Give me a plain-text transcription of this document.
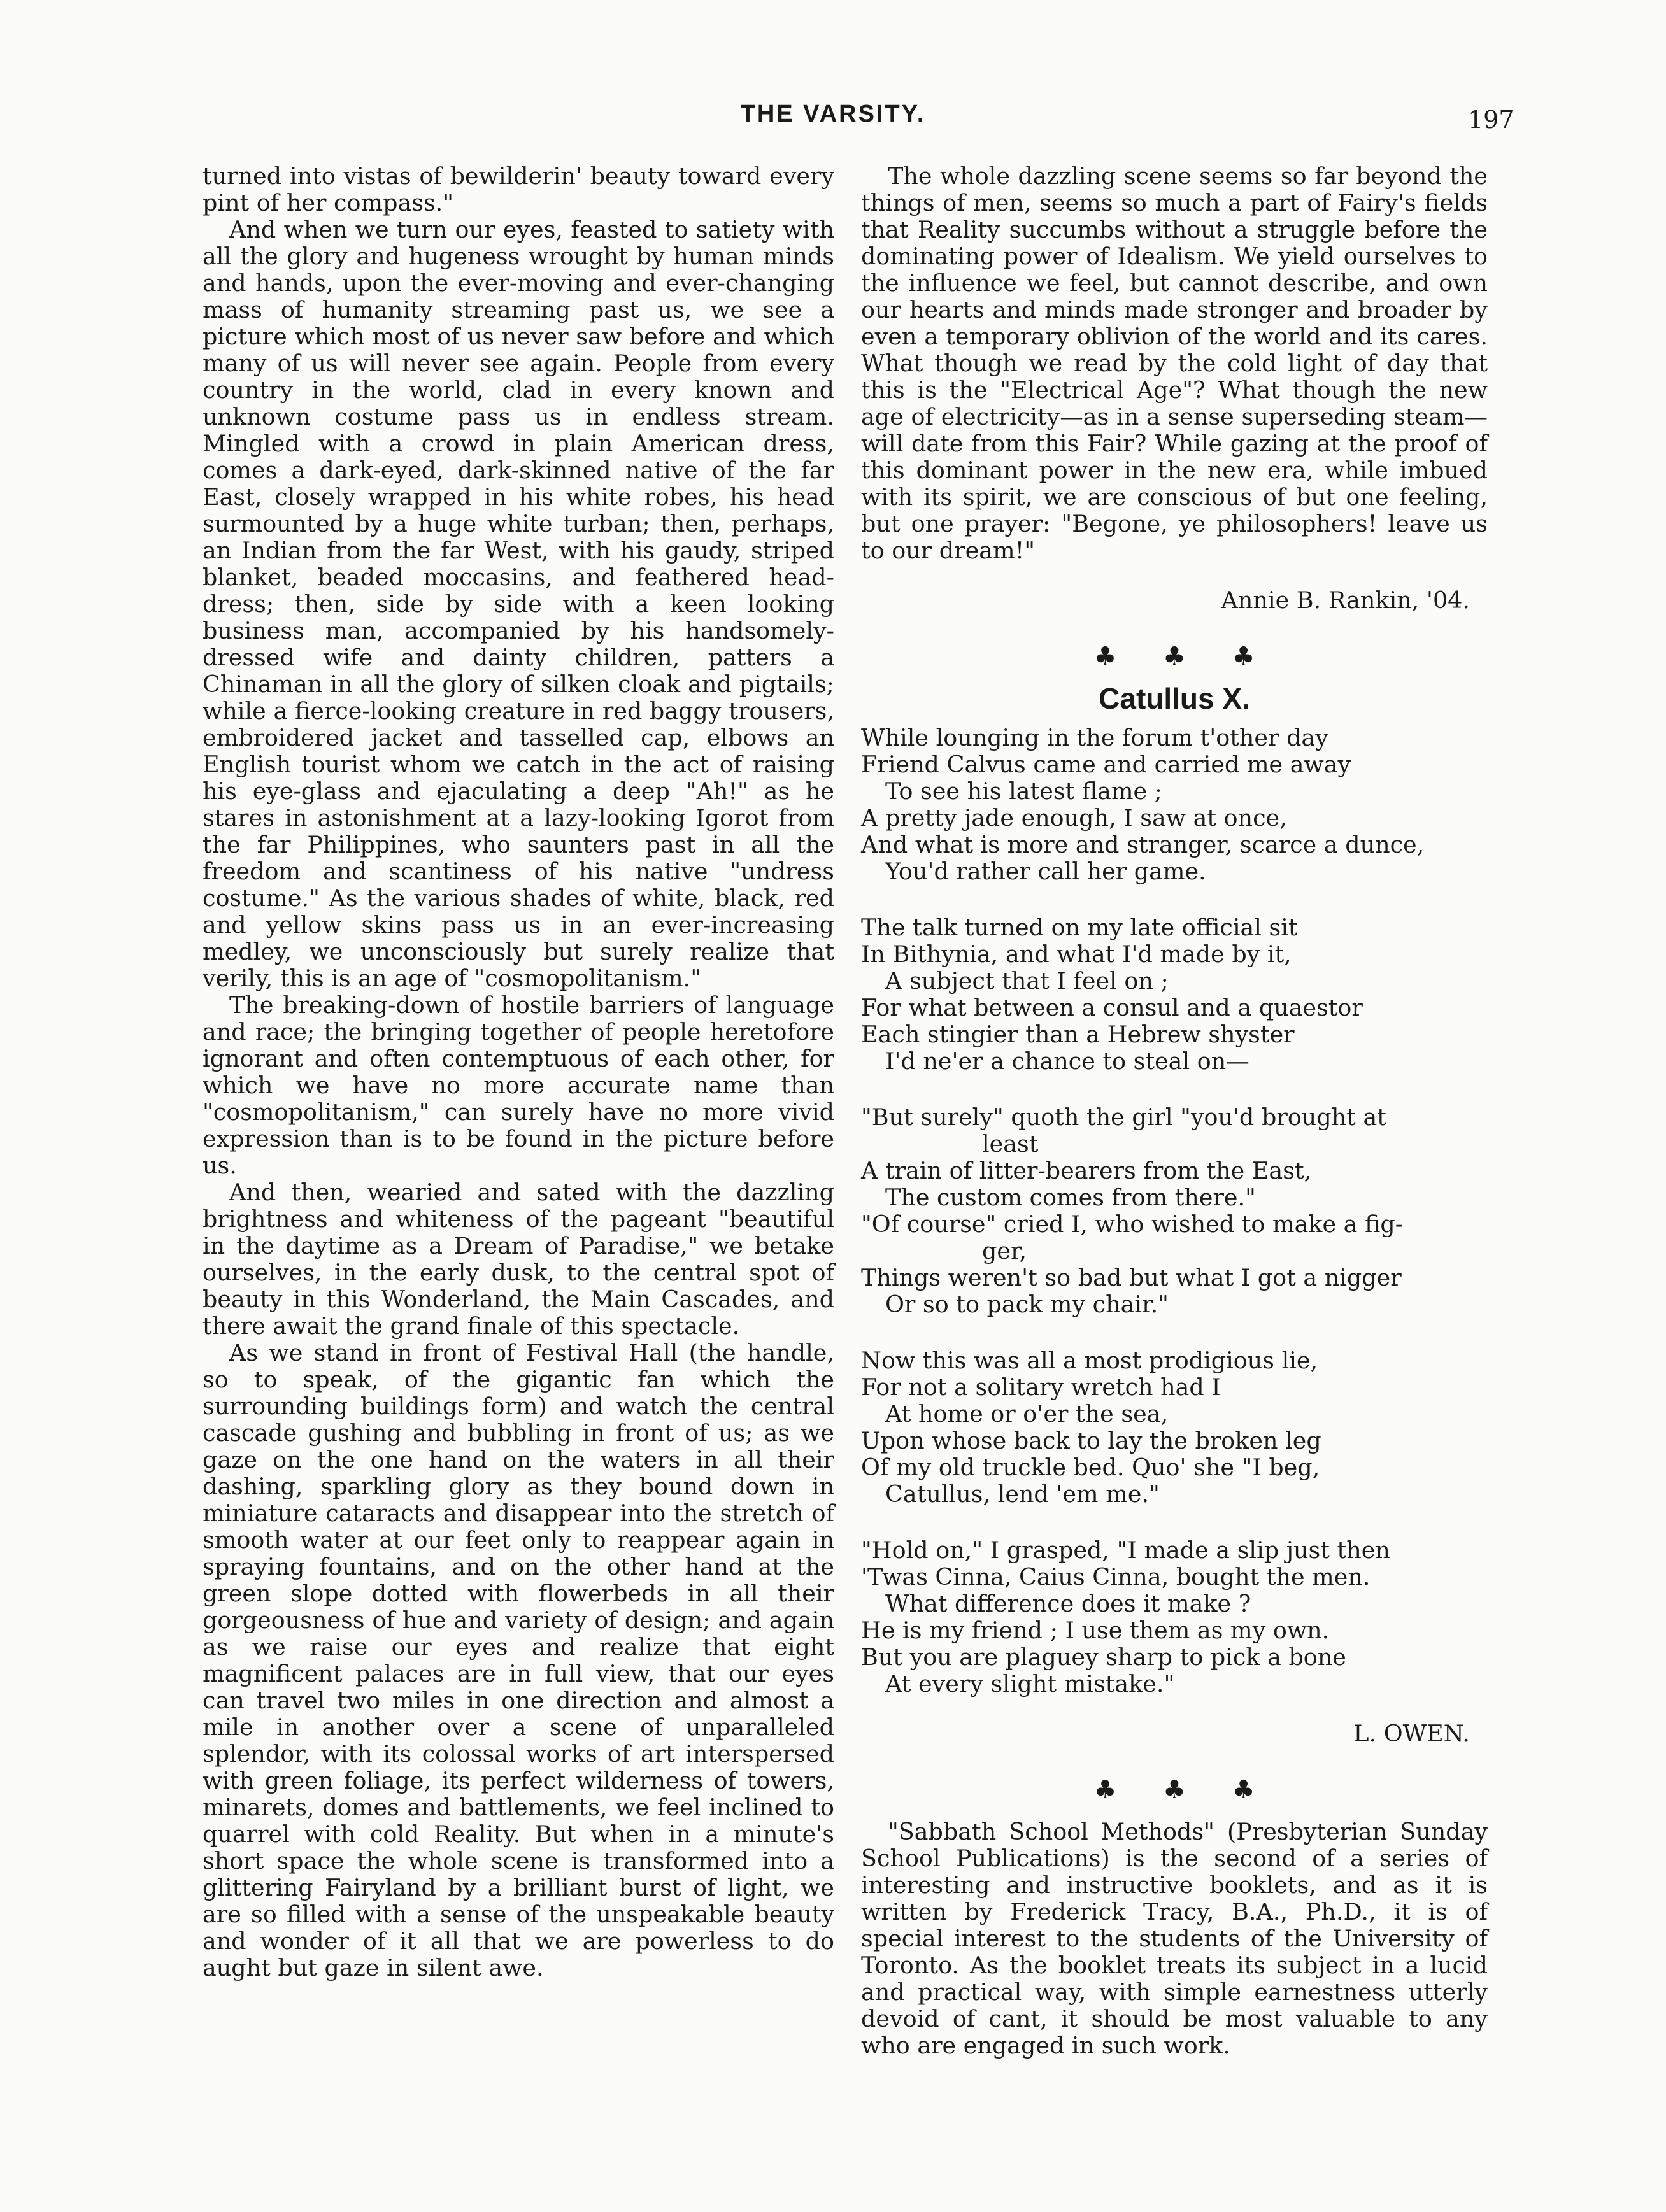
THE VARSITY.	197

turned into vistas of bewilderin' beauty toward every pint of her compass."

And when we turn our eyes, feasted to satiety with all the glory and hugeness wrought by human minds and hands, upon the ever-moving and ever-changing mass of humanity streaming past us, we see a picture which most of us never saw before and which many of us will never see again. People from every country in the world, clad in every known and unknown costume pass us in endless stream. Mingled with a crowd in plain American dress, comes a dark-eyed, dark-skinned native of the far East, closely wrapped in his white robes, his head surmounted by a huge white turban; then, perhaps, an Indian from the far West, with his gaudy, striped blanket, beaded moccasins, and feathered head-dress; then, side by side with a keen looking business man, accompanied by his handsomely-dressed wife and dainty children, patters a Chinaman in all the glory of silken cloak and pigtails; while a fierce-looking creature in red baggy trousers, embroidered jacket and tasselled cap, elbows an English tourist whom we catch in the act of raising his eye-glass and ejaculating a deep "Ah!" as he stares in astonishment at a lazy-looking Igorot from the far Philippines, who saunters past in all the freedom and scantiness of his native "undress costume." As the various shades of white, black, red and yellow skins pass us in an ever-increasing medley, we unconsciously but surely realize that verily, this is an age of "cosmopolitanism."

The breaking-down of hostile barriers of language and race; the bringing together of people heretofore ignorant and often contemptuous of each other, for which we have no more accurate name than "cosmopolitanism," can surely have no more vivid expression than is to be found in the picture before us.

And then, wearied and sated with the dazzling brightness and whiteness of the pageant "beautiful in the daytime as a Dream of Paradise," we betake ourselves, in the early dusk, to the central spot of beauty in this Wonderland, the Main Cascades, and there await the grand finale of this spectacle.

As we stand in front of Festival Hall (the handle, so to speak, of the gigantic fan which the surrounding buildings form) and watch the central cascade gushing and bubbling in front of us; as we gaze on the one hand on the waters in all their dashing, sparkling glory as they bound down in miniature cataracts and disappear into the stretch of smooth water at our feet only to reappear again in spraying fountains, and on the other hand at the green slope dotted with flowerbeds in all their gorgeousness of hue and variety of design; and again as we raise our eyes and realize that eight magnificent palaces are in full view, that our eyes can travel two miles in one direction and almost a mile in another over a scene of unparalleled splendor, with its colossal works of art interspersed with green foliage, its perfect wilderness of towers, minarets, domes and battlements, we feel inclined to quarrel with cold Reality. But when in a minute's short space the whole scene is transformed into a glittering Fairyland by a brilliant burst of light, we are so filled with a sense of the unspeakable beauty and wonder of it all that we are powerless to do aught but gaze in silent awe.

The whole dazzling scene seems so far beyond the things of men, seems so much a part of Fairy's fields that Reality succumbs without a struggle before the dominating power of Idealism. We yield ourselves to the influence we feel, but cannot describe, and own our hearts and minds made stronger and broader by even a temporary oblivion of the world and its cares. What though we read by the cold light of day that this is the "Electrical Age"? What though the new age of electricity—as in a sense superseding steam—will date from this Fair? While gazing at the proof of this dominant power in the new era, while imbued with its spirit, we are conscious of but one feeling, but one prayer: "Begone, ye philosophers! leave us to our dream!"

Annie B. Rankin, '04.

♣ ♣ ♣
Catullus X.
While lounging in the forum t'other day
Friend Calvus came and carried me away
To see his latest flame ;
A pretty jade enough, I saw at once,
And what is more and stranger, scarce a dunce,
You'd rather call her game.
The talk turned on my late official sit
In Bithynia, and what I'd made by it,
A subject that I feel on ;
For what between a consul and a quaestor
Each stingier than a Hebrew shyster
I'd ne'er a chance to steal on—
"But surely" quoth the girl "you'd brought at
least
A train of litter-bearers from the East,
The custom comes from there."
"Of course" cried I, who wished to make a fig-
ger,
Things weren't so bad but what I got a nigger
Or so to pack my chair."
Now this was all a most prodigious lie,
For not a solitary wretch had I
At home or o'er the sea,
Upon whose back to lay the broken leg
Of my old truckle bed. Quo' she "I beg,
Catullus, lend 'em me."
"Hold on," I grasped, "I made a slip just then
'Twas Cinna, Caius Cinna, bought the men.
What difference does it make ?
He is my friend ; I use them as my own.
But you are plaguey sharp to pick a bone
At every slight mistake."

L. OWEN.

♣ ♣ ♣

"Sabbath School Methods" (Presbyterian Sunday School Publications) is the second of a series of interesting and instructive booklets, and as it is written by Frederick Tracy, B.A., Ph.D., it is of special interest to the students of the University of Toronto. As the booklet treats its subject in a lucid and practical way, with simple earnestness utterly devoid of cant, it should be most valuable to any who are engaged in such work.
